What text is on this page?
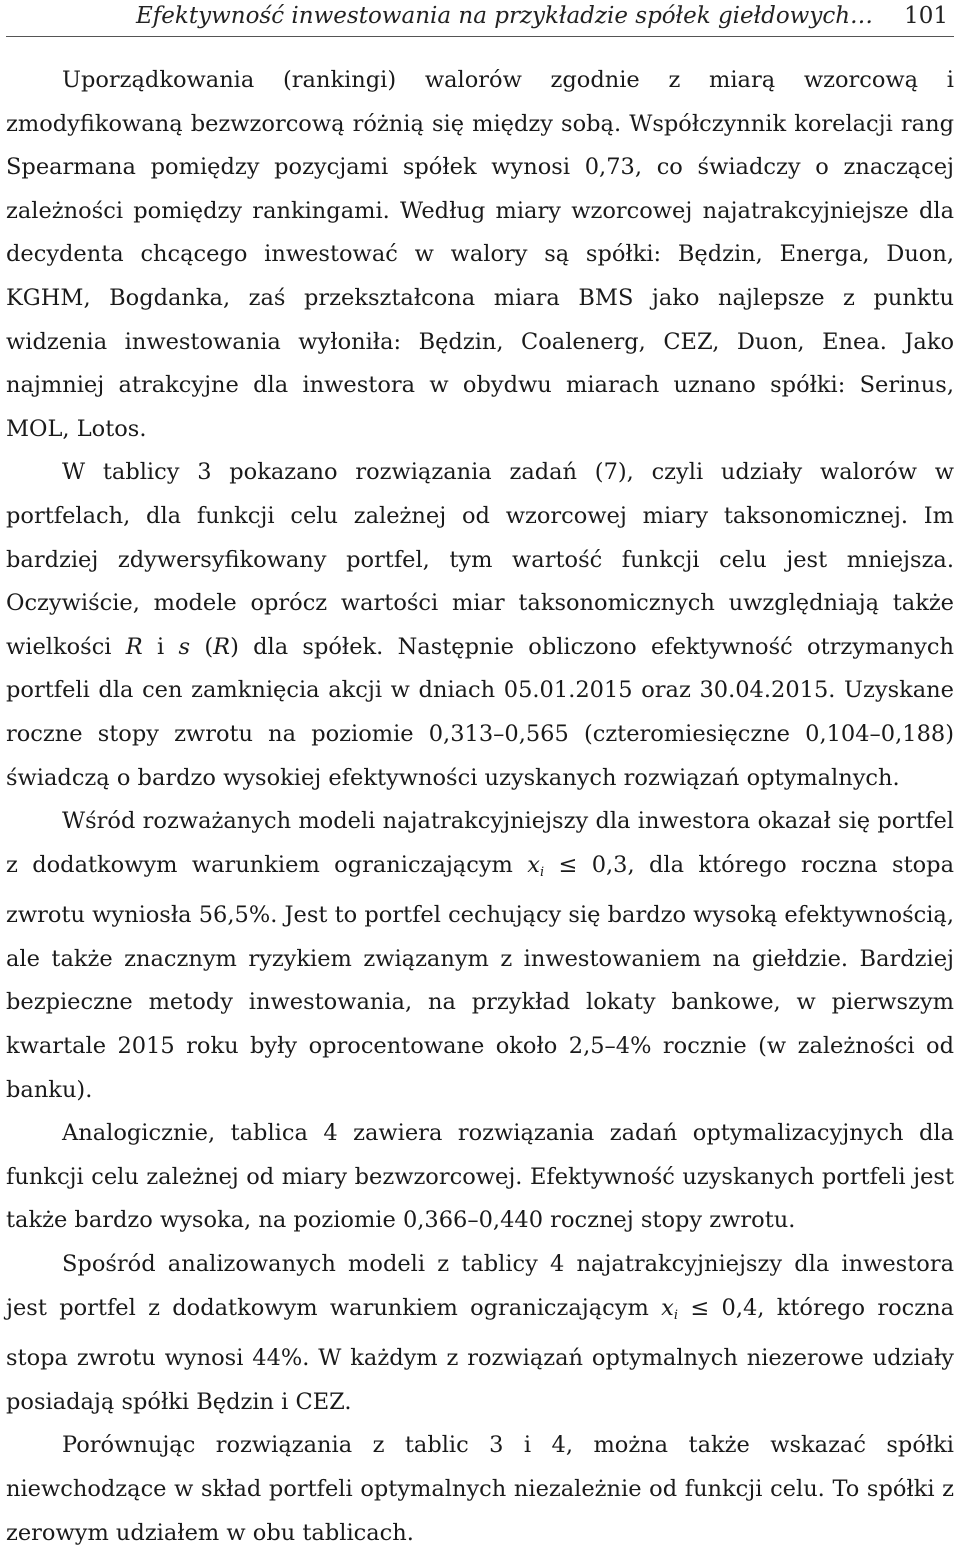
Efektywność inwestowania na przykładzie spółek giełdowych… 101

Uporządkowania (rankingi) walorów zgodnie z miarą wzorcową i zmodyfikowaną bezwzorcową różnią się między sobą. Współczynnik korelacji rang Spearmana pomiędzy pozycjami spółek wynosi 0,73, co świadczy o znaczącej zależności pomiędzy rankingami. Według miary wzorcowej najatrakcyjniejsze dla decydenta chcącego inwestować w walory są spółki: Będzin, Energa, Duon, KGHM, Bogdanka, zaś przekształcona miara BMS jako najlepsze z punktu widzenia inwestowania wyłoniła: Będzin, Coalenerg, CEZ, Duon, Enea. Jako najmniej atrakcyjne dla inwestora w obydwu miarach uznano spółki: Serinus, MOL, Lotos.

W tablicy 3 pokazano rozwiązania zadań (7), czyli udziały walorów w portfelach, dla funkcji celu zależnej od wzorcowej miary taksonomicznej. Im bardziej zdywersyfikowany portfel, tym wartość funkcji celu jest mniejsza. Oczywiście, modele oprócz wartości miar taksonomicznych uwzględniają także wielkości R i s (R) dla spółek. Następnie obliczono efektywność otrzymanych portfeli dla cen zamknięcia akcji w dniach 05.01.2015 oraz 30.04.2015. Uzyskane roczne stopy zwrotu na poziomie 0,313–0,565 (czteromiesięczne 0,104–0,188) świadczą o bardzo wysokiej efektywności uzyskanych rozwiązań optymalnych.

Wśród rozważanych modeli najatrakcyjniejszy dla inwestora okazał się portfel z dodatkowym warunkiem ograniczającym $x_i \le 0,3$, dla którego roczna stopa zwrotu wyniosła 56,5%. Jest to portfel cechujący się bardzo wysoką efektywnością, ale także znacznym ryzykiem związanym z inwestowaniem na giełdzie. Bardziej bezpieczne metody inwestowania, na przykład lokaty bankowe, w pierwszym kwartale 2015 roku były oprocentowane około 2,5–4% rocznie (w zależności od banku).

Analogicznie, tablica 4 zawiera rozwiązania zadań optymalizacyjnych dla funkcji celu zależnej od miary bezwzorcowej. Efektywność uzyskanych portfeli jest także bardzo wysoka, na poziomie 0,366–0,440 rocznej stopy zwrotu.

Spośród analizowanych modeli z tablicy 4 najatrakcyjniejszy dla inwestora jest portfel z dodatkowym warunkiem ograniczającym $x_i \le 0,4$, którego roczna stopa zwrotu wynosi 44%. W każdym z rozwiązań optymalnych niezerowe udziały posiadają spółki Będzin i CEZ.

Porównując rozwiązania z tablic 3 i 4, można także wskazać spółki niewchodzące w skład portfeli optymalnych niezależnie od funkcji celu. To spółki z zerowym udziałem w obu tablicach.
